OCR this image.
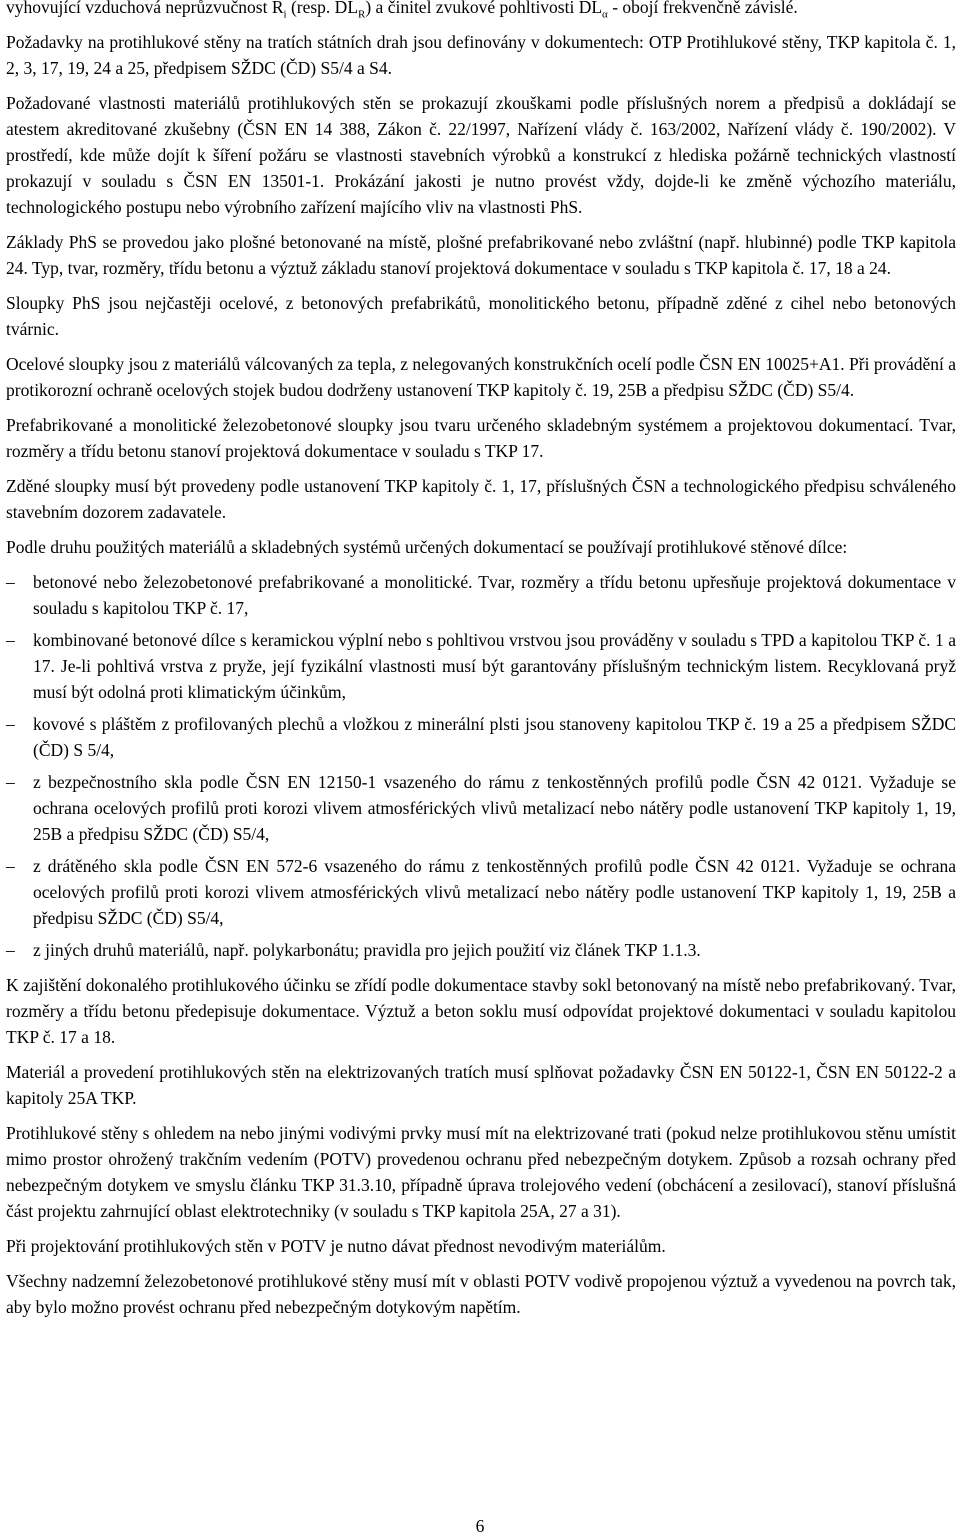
vyhovující vzduchová neprůzvučnost $R_i$ (resp. $DL_R$) a činitel zvukové pohltivosti $DL_\alpha$ - obojí frekvenčně závislé.

Požadavky na protihlukové stěny na tratích státních drah jsou definovány v dokumentech: OTP Protihlukové stěny, TKP kapitola č. 1, 2, 3, 17, 19, 24 a 25, předpisem SŽDC (ČD) S5/4 a S4.

Požadované vlastnosti materiálů protihlukových stěn se prokazují zkouškami podle příslušných norem a předpisů a dokládají se atestem akreditované zkušebny (ČSN EN 14 388, Zákon č. 22/1997, Nařízení vlády č. 163/2002, Nařízení vlády č. 190/2002). V prostředí, kde může dojít k šíření požáru se vlastnosti stavebních výrobků a konstrukcí z hlediska požárně technických vlastností prokazují v souladu s ČSN EN 13501-1. Prokázání jakosti je nutno provést vždy, dojde-li ke změně výchozího materiálu, technologického postupu nebo výrobního zařízení majícího vliv na vlastnosti PhS.

Základy PhS se provedou jako plošné betonované na místě, plošné prefabrikované nebo zvláštní (např. hlubinné) podle TKP kapitola 24. Typ, tvar, rozměry, třídu betonu a výztuž základu stanoví projektová dokumentace v souladu s TKP kapitola č. 17, 18 a 24.

Sloupky PhS jsou nejčastěji ocelové, z betonových prefabrikátů, monolitického betonu, případně zděné z cihel nebo betonových tvárnic.

Ocelové sloupky jsou z materiálů válcovaných za tepla, z nelegovaných konstrukčních ocelí podle ČSN EN 10025+A1. Při provádění a protikorozní ochraně ocelových stojek budou dodrženy ustanovení TKP kapitoly č. 19, 25B a předpisu SŽDC (ČD) S5/4.

Prefabrikované a monolitické železobetonové sloupky jsou tvaru určeného skladebným systémem a projektovou dokumentací. Tvar, rozměry a třídu betonu stanoví projektová dokumentace v souladu s TKP 17.

Zděné sloupky musí být provedeny podle ustanovení TKP kapitoly č. 1, 17, příslušných ČSN a technologického předpisu schváleného stavebním dozorem zadavatele.

Podle druhu použitých materiálů a skladebných systémů určených dokumentací se používají protihlukové stěnové dílce:

– betonové nebo železobetonové prefabrikované a monolitické. Tvar, rozměry a třídu betonu upřesňuje projektová dokumentace v souladu s kapitolou TKP č. 17,
– kombinované betonové dílce s keramickou výplní nebo s pohltivou vrstvou jsou prováděny v souladu s TPD a kapitolou TKP č. 1 a 17. Je-li pohltivá vrstva z pryže, její fyzikální vlastnosti musí být garantovány příslušným technickým listem. Recyklovaná pryž musí být odolná proti klimatickým účinkům,
– kovové s pláštěm z profilovaných plechů a vložkou z minerální plsti jsou stanoveny kapitolou TKP č. 19 a 25 a předpisem SŽDC (ČD) S 5/4,
– z bezpečnostního skla podle ČSN EN 12150-1 vsazeného do rámu z tenkostěnných profilů podle ČSN 42 0121. Vyžaduje se ochrana ocelových profilů proti korozi vlivem atmosférických vlivů metalizací nebo nátěry podle ustanovení TKP kapitoly 1, 19, 25B a předpisu SŽDC (ČD) S5/4,
– z drátěného skla podle ČSN EN 572-6 vsazeného do rámu z tenkostěnných profilů podle ČSN 42 0121. Vyžaduje se ochrana ocelových profilů proti korozi vlivem atmosférických vlivů metalizací nebo nátěry podle ustanovení TKP kapitoly 1, 19, 25B a předpisu SŽDC (ČD) S5/4,
– z jiných druhů materiálů, např. polykarbonátu; pravidla pro jejich použití viz článek TKP 1.1.3.

K zajištění dokonalého protihlukového účinku se zřídí podle dokumentace stavby sokl betonovaný na místě nebo prefabrikovaný. Tvar, rozměry a třídu betonu předepisuje dokumentace. Výztuž a beton soklu musí odpovídat projektové dokumentaci v souladu kapitolou TKP č. 17 a 18.

Materiál a provedení protihlukových stěn na elektrizovaných tratích musí splňovat požadavky ČSN EN 50122-1, ČSN EN 50122-2 a kapitoly 25A TKP.

Protihlukové stěny s ohledem na nebo jinými vodivými prvky musí mít na elektrizované trati (pokud nelze protihlukovou stěnu umístit mimo prostor ohrožený trakčním vedením (POTV) provedenou ochranu před nebezpečným dotykem. Způsob a rozsah ochrany před nebezpečným dotykem ve smyslu článku TKP 31.3.10, případně úprava trolejového vedení (obchácení a zesilovací), stanoví příslušná část projektu zahrnující oblast elektrotechniky (v souladu s TKP kapitola 25A, 27 a 31).

Při projektování protihlukových stěn v POTV je nutno dávat přednost nevodivým materiálům.

Všechny nadzemní železobetonové protihlukové stěny musí mít v oblasti POTV vodivě propojenou výztuž a vyvedenou na povrch tak, aby bylo možno provést ochranu před nebezpečným dotykovým napětím.

6
